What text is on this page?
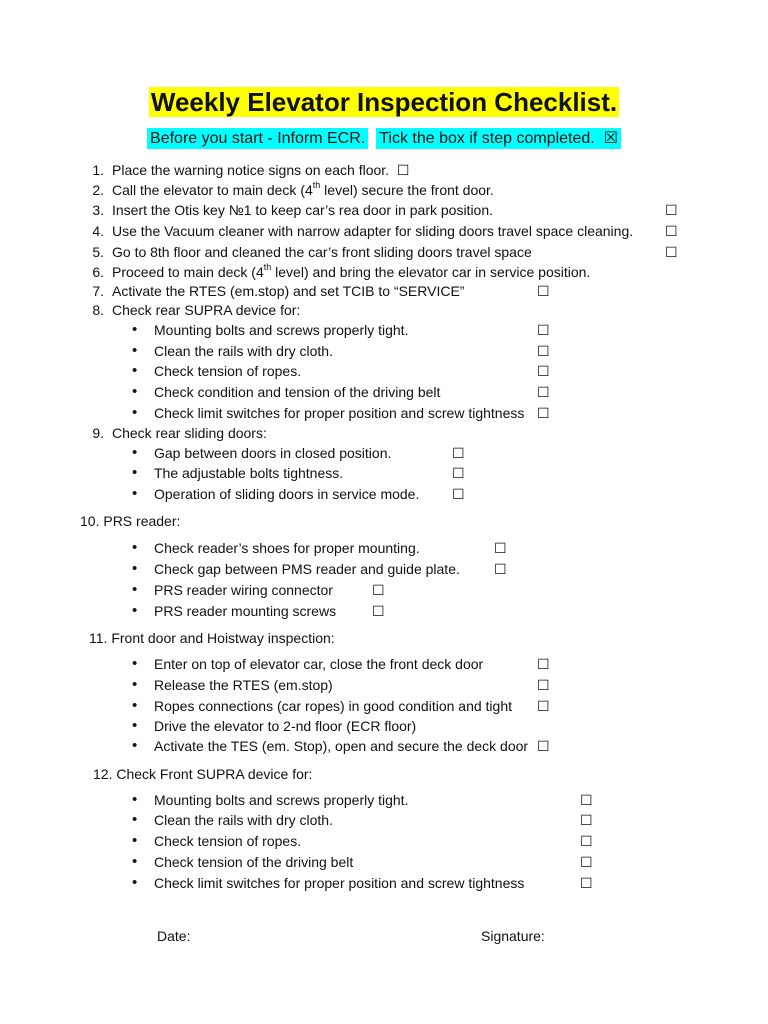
Weekly Elevator Inspection Checklist.
Before you start - Inform ECR. Tick the box if step completed. ☒
1. Place the warning notice signs on each floor. ☐
2. Call the elevator to main deck (4th level) secure the front door.
3. Insert the Otis key №1 to keep car’s rea door in park position.	☐
4. Use the Vacuum cleaner with narrow adapter for sliding doors travel space cleaning. ☐
5. Go to 8th floor and cleaned the car’s front sliding doors travel space	☐
6. Proceed to main deck (4th level) and bring the elevator car in service position.
7. Activate the RTES (em.stop) and set TCIB to “SERVICE”	☐
8. Check rear SUPRA device for:
• Mounting bolts and screws properly tight.	☐
• Clean the rails with dry cloth.	☐
• Check tension of ropes.	☐
• Check condition and tension of the driving belt	☐
• Check limit switches for proper position and screw tightness ☐
9. Check rear sliding doors:
• Gap between doors in closed position.	☐
• The adjustable bolts tightness.	☐
• Operation of sliding doors in service mode. ☐
10. PRS reader:
• Check reader’s shoes for proper mounting.	☐
• Check gap between PMS reader and guide plate. ☐
• PRS reader wiring connector	☐
• PRS reader mounting screws	☐
11. Front door and Hoistway inspection:
• Enter on top of elevator car, close the front deck door	☐
• Release the RTES (em.stop)	☐
• Ropes connections (car ropes) in good condition and tight ☐
• Drive the elevator to 2-nd floor (ECR floor)
• Activate the TES (em. Stop), open and secure the deck door ☐
12. Check Front SUPRA device for:
• Mounting bolts and screws properly tight.	☐
• Clean the rails with dry cloth.	☐
• Check tension of ropes.	☐
• Check tension of the driving belt	☐
• Check limit switches for proper position and screw tightness	☐
Date:	Signature:
